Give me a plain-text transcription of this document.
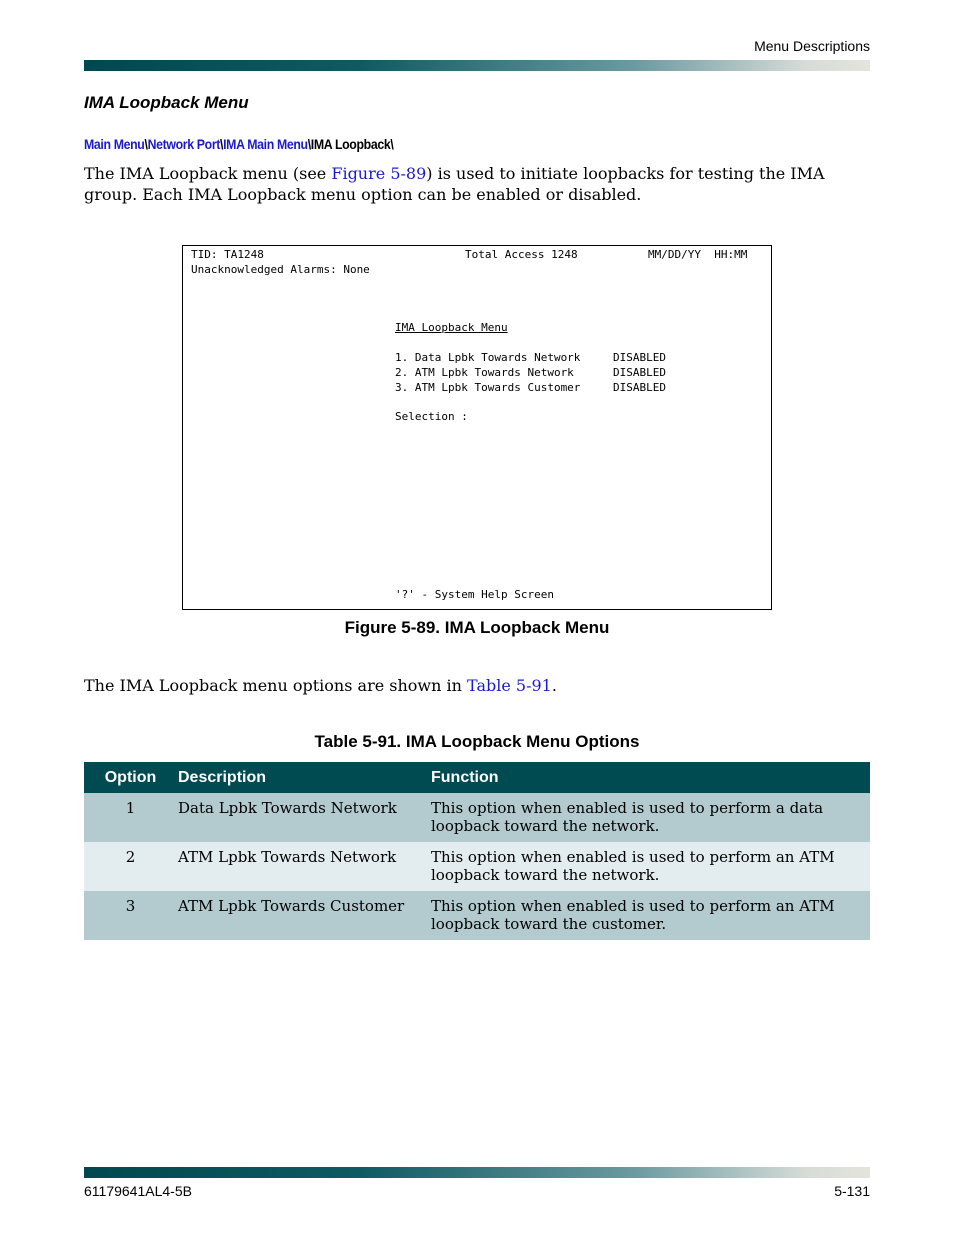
Menu Descriptions
IMA Loopback Menu
Main Menu\Network Port\IMA Main Menu\IMA Loopback\
The IMA Loopback menu (see Figure 5-89) is used to initiate loopbacks for testing the IMA group. Each IMA Loopback menu option can be enabled or disabled.
TID: TA1248	Total Access 1248	MM/DD/YY  HH:MM
Unacknowledged Alarms: None
IMA Loopback Menu
1. Data Lpbk Towards Network	DISABLED
2. ATM Lpbk Towards Network	DISABLED
3. ATM Lpbk Towards Customer	DISABLED
Selection :
'?' - System Help Screen
Figure 5-89. IMA Loopback Menu
The IMA Loopback menu options are shown in Table 5-91.
Table 5-91. IMA Loopback Menu Options
Option	Description	Function
1	Data Lpbk Towards Network	This option when enabled is used to perform a data loopback toward the network.
2	ATM Lpbk Towards Network	This option when enabled is used to perform an ATM loopback toward the network.
3	ATM Lpbk Towards Customer	This option when enabled is used to perform an ATM loopback toward the customer.
61179641AL4-5B	5-131
